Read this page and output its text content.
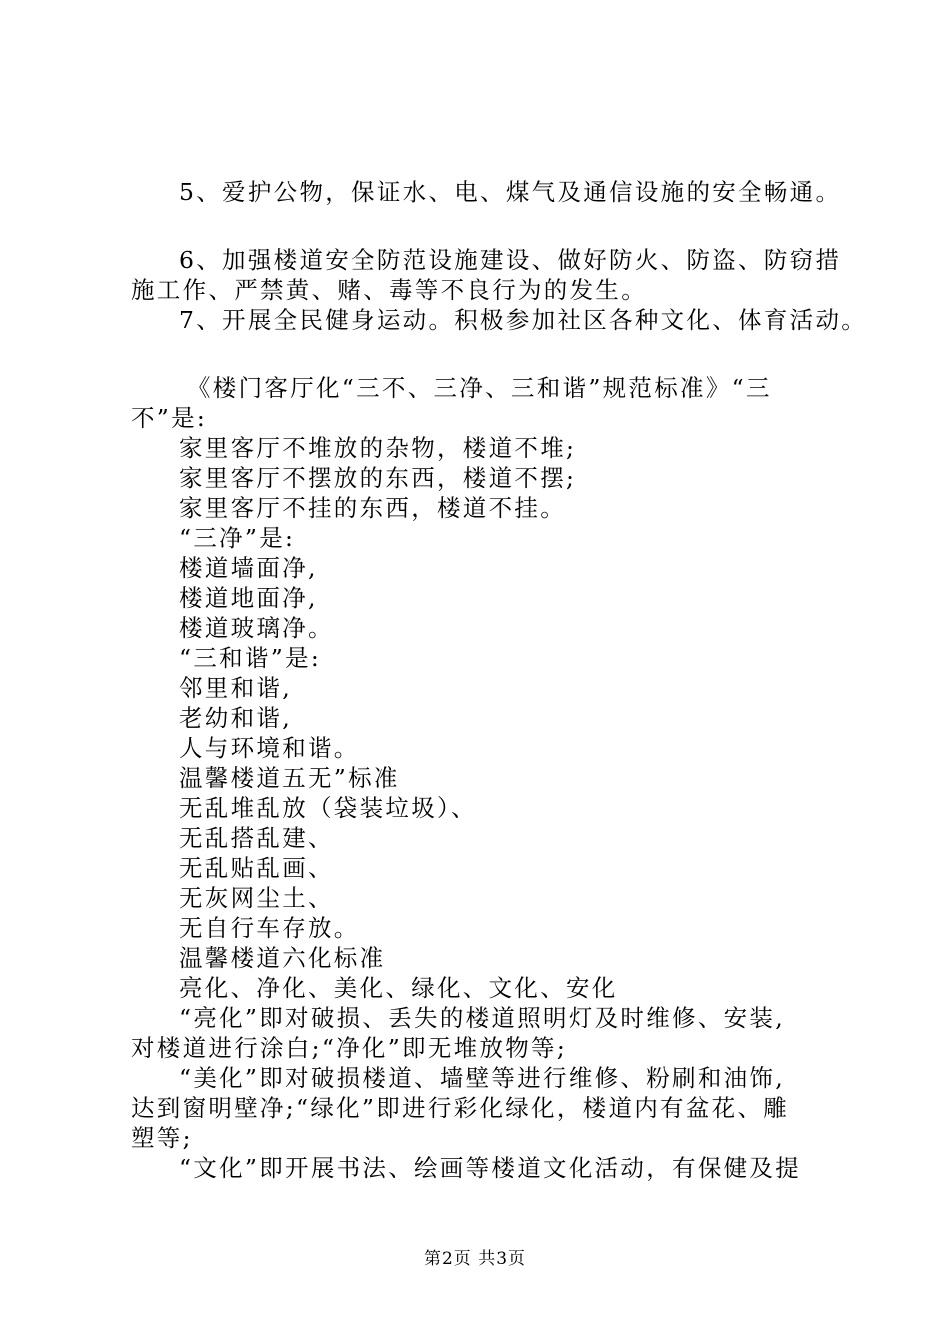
5、爱护公物，保证水、电、煤气及通信设施的安全畅通。
6、加强楼道安全防范设施建设、做好防火、防盗、防窃措
施工作、严禁黄、赌、毒等不良行为的发生。
7、开展全民健身运动。积极参加社区各种文化、体育活动。
《楼门客厅化“三不、三净、三和谐”规范标准》“三
不”是:
家里客厅不堆放的杂物，楼道不堆;
家里客厅不摆放的东西，楼道不摆;
家里客厅不挂的东西，楼道不挂。
“三净”是:
楼道墙面净,
楼道地面净,
楼道玻璃净。
“三和谐”是:
邻里和谐,
老幼和谐,
人与环境和谐。
温馨楼道五无”标准
无乱堆乱放（袋装垃圾）、
无乱搭乱建、
无乱贴乱画、
无灰网尘土、
无自行车存放。
温馨楼道六化标准
亮化、净化、美化、绿化、文化、安化
“亮化”即对破损、丢失的楼道照明灯及时维修、安装,
对楼道进行涂白;“净化”即无堆放物等;
“美化”即对破损楼道、墙壁等进行维修、粉刷和油饰,
达到窗明壁净;“绿化”即进行彩化绿化，楼道内有盆花、雕
塑等;
“文化”即开展书法、绘画等楼道文化活动，有保健及提
第2页 共3页
